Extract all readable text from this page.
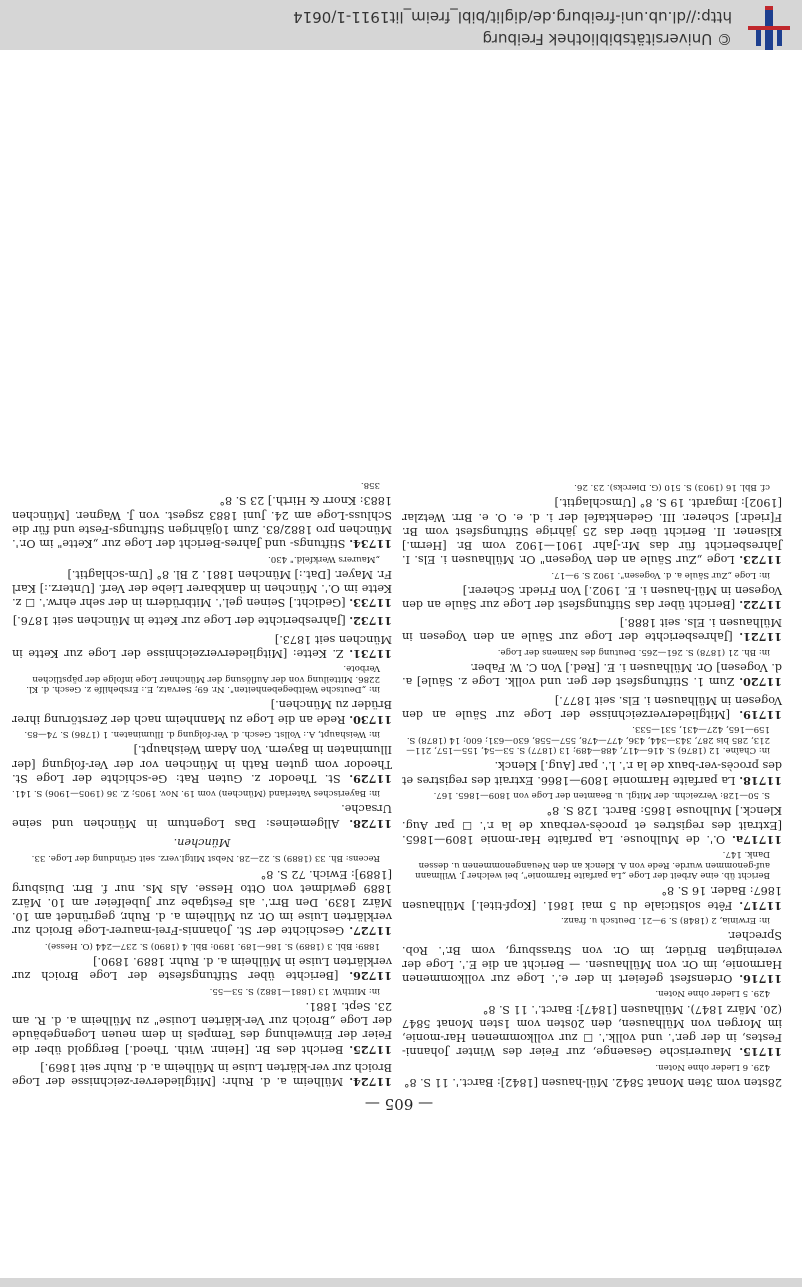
http://dl.ub.uni-freiburg.de/diglit/bibl_freim_lit1911-1/0614
© Universitätsbibliothek Freiburg
— 605 —
28sten vom 3ten Monat 5842. Mül-hausen [1842]: Barct.'. 11 S. 8°
429. 6 Lieder ohne Noten.
11715. Maurerische Gesaenge, zur Feier des Winter Johanni-Festes, in der ger.'. und vollk.'. ☐ zur vollkommenen Har-monie, im Morgen von Mülhausen, den 20sten vom 1sten Monat 5847 (20. März 1847). Mülhausen [1847]: Barct.'. 11 S. 8°
429. 5 Lieder ohne Noten.
11716. Ordensfest gefeiert in der e.'. Loge zur vollkommenen Harmonie, im Or. von Mülhausen. — Bericht an die E.'. Loge der vereinigten Brüder, im Or. von Strassburg, vom Br.'. Rob. Sprecher.
in: Erwinia, 2 (1848) S. 9—21. Deutsch u. franz.
11717. Fête solsticiale du 5 mai 1861. [Kopf-titel.] Mülhausen 1867: Bader. 16 S. 8°
Bericht üb. eine Arbeit der Loge „La parfaite Harmonie", bei welcher J. Willmann auf-genommen wurde. Rede von A. Klenck an den Neuangenommenen u. dessen Dank. 147.
11717a. O.'. de Mulhouse. La parfaite Har-monie 1809—1865. [Extrait des registres et procès-verbaux de la r.'. ☐ par Aug. Klenck.] Mulhouse 1865: Barct. 128 S. 8°
S. 50—128: Verzeichn. der Mitgl. u. Beamten der Loge von 1809—1865. 167.
11718. La parfaite Harmonie 1809—1866. Extrait des registres et des procès-ver-baux de la r.'. l.'. par [Aug.] Klenck.
in: Chaîne. 12 (1876) S. 416—417, 488—489; 13 (1877) S. 53—54, 155—157, 211—213, 285 bis 287, 343—344, 436, 477—478, 557—558, 630—631; 600; 14 (1878) S. 159—165, 427—431, 531—533.
11719. [Mitgliederverzeichnisse der Loge zur Säule an den Vogesen in Mülhausen i. Els. seit 1877.]
11720. Zum 1. Stiftungsfest der ger. und vollk. Loge z. Säule] a. d. Vogesen] Or. Mülhausen i. E. [Red.] Von C. W. Faber.
in: Bh. 21 (1878) S. 261—265. Deutung des Namens der Loge.
11721. [Jahresberichte der Loge zur Säule an den Vogesen in Mülhausen i. Els. seit 1888.]
11722. [Bericht über das Stiftungsfest der Loge zur Säule an den Vogesen in Mül-hausen i. E. 1902.] Von Friedr. Scherer.]
in: Loge „Zur Säule a. d. Vogesen". 1902 S. 9—17.
11723. Loge „Zur Säule an den Vogesen" Or. Mülhausen i. Els. I. Jahresbericht für das Mr.-Jahr 1901—1902 vom Br. [Herm.] Kilsener. II. Bericht über das 25 jährige Stiftungsfest vom Br. F[riedr.] Scherer. III. Gedenktafel der i. d. e. O. e. Brr. Wetzlar [1902]: Imgardt. 19 S. 8° [Umschlagtit.]
cf. Bbl. 16 (1903) S. 510 (G. Diercks). 23. 26.
11724. Mülheim a. d. Ruhr: [Mitgliederver-zeichnisse der Loge Broich zur ver-klärten Luise in Mülheim a. d. Ruhr seit 1869.]
11725. Bericht des Br. [Heinr. With. Theod.] Berggold über die Feier der Einweihung des Tempels in dem neuen Logengebäude der Loge „Broich zur Ver-klärten Louise" zu Mülheim a. d. R. am 23. Sept. 1881.
in: MitthW. 13 (1881—1882) S. 53—55.
11726. [Berichte über Stiftungsfeste der Loge Broich zur verklärten Luise in Mülheim a. d. Ruhr. 1889. 1890.]
1889: Bbl. 3 (1889) S. 186—189. 1890: Bbl. 4 (1890) S. 237—244 (O. Hesse).
11727. Geschichte der St. Johannis-Frei-maurer-Loge Broich zur verklärten Luise im Or. zu Mülheim a. d. Ruhr, gegründet am 10. März 1839. Den Brr.'. als Festgabe zur Jubelfeier am 10. März 1889 gewidmet von Otto Hesse. Als Ms. nur f. Brr. Duisburg [1889]: Ewich. 72 S. 8°
Recens: Bh. 33 (1889) S. 22—28. Nebst Mitgl.verz. seit Gründung der Loge. 33.
München.
11728. Allgemeines: Das Logentum in München und seine Ursache.
in: Bayerisches Vaterland (München) vom 19. Nov. 1905; Z. 36 (1905—1906) S. 141.
11729. St. Theodor z. Guten Rat: Ge-schichte der Loge St. Theodor vom guten Rath in München vor der Ver-folgung [der Illuminaten in Bayern. Von Adam Weishaupt.]
in: Weishaupt, A.: Vollst. Gesch. d. Ver-folgung d. Illuminaten. 1 (1786) S. 74—85.
11730. Rede an die Loge zu Mannheim nach der Zerstörung ihrer Brüder zu München.]
in: „Deutsche Weltbegebenheiten". Nr. 69; Servatz, E.: Ersbehilfe z. Gesch. d. Kl. 2286. Mitteilung von der Auflösung der Münchner Loge infolge der päpstlichen Verbote.
11731. Z. Kette: [Mitgliederverzeichnisse der Loge zur Kette in München seit 1873.]
11732. [Jahresberichte der Loge zur Kette in München seit 1876.]
11733. [Gedicht.] Seinen gel.'. Mitbrüdern in der sehr ehrw.'. ☐ z. Kette im O.'. München in dankbarer Liebe der Verf. [Unterz.:] Karl Fr. Mayer. [Dat.:] München 1881. 2 Bl. 8° [Um-schlagtit.]
„Maurers Werkfeld." 430.
11734. Stiftungs- und Jahres-Bericht der Loge zur „Kette" im Or.'. München pro 1882/83. Zum 10jährigen Stiftungs-Feste und für die Schluss-Loge am 24. Juni 1883 zsgest. von J. Wagner. [München 1883: Knorr & Hirth.] 23 S. 8°
358.
